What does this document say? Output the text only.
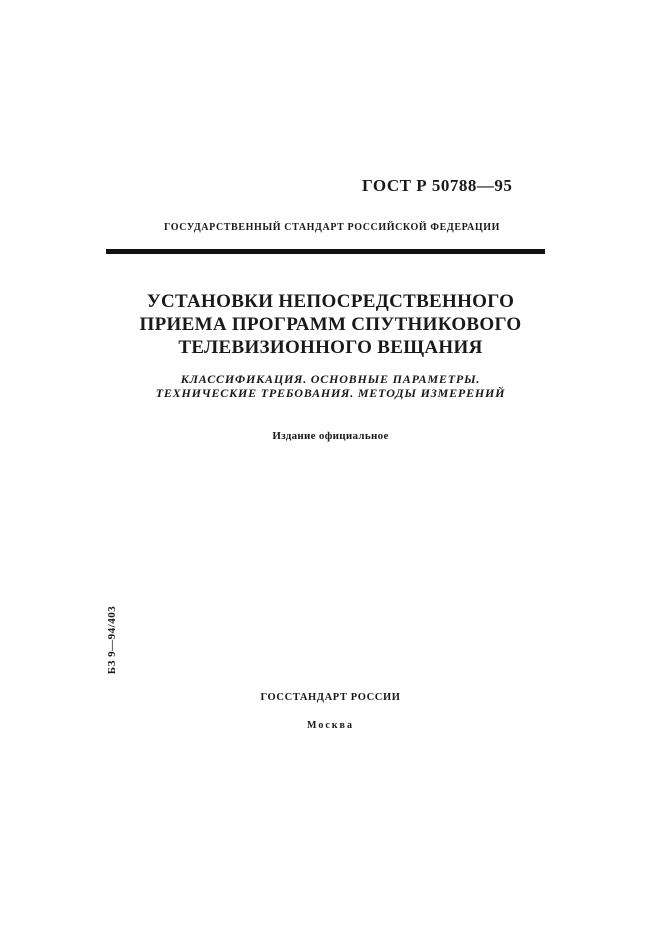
ГОСТ Р 50788—95
ГОСУДАРСТВЕННЫЙ СТАНДАРТ РОССИЙСКОЙ ФЕДЕРАЦИИ
УСТАНОВКИ НЕПОСРЕДСТВЕННОГО
ПРИЕМА ПРОГРАММ СПУТНИКОВОГО
ТЕЛЕВИЗИОННОГО ВЕЩАНИЯ
КЛАССИФИКАЦИЯ. ОСНОВНЫЕ ПАРАМЕТРЫ.
ТЕХНИЧЕСКИЕ ТРЕБОВАНИЯ. МЕТОДЫ ИЗМЕРЕНИЙ
Издание официальное
БЗ 9—94/403
ГОССТАНДАРТ РОССИИ
Москва
